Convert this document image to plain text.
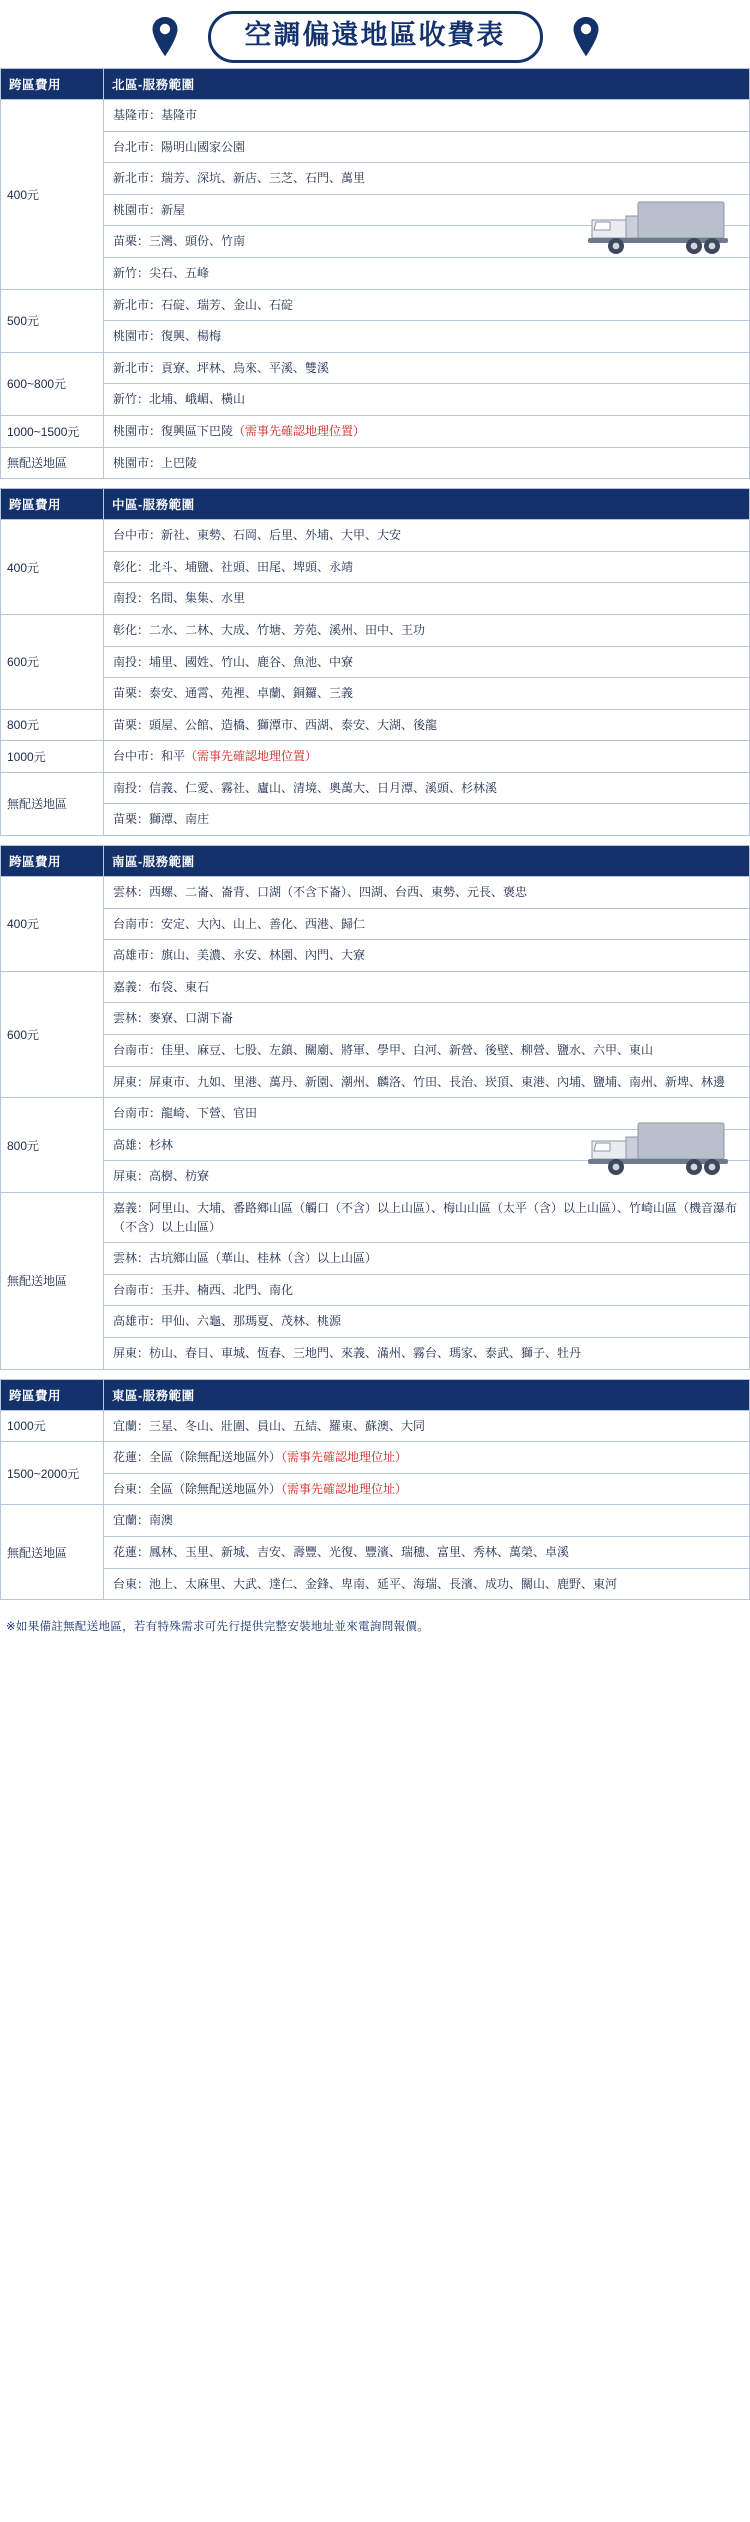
空調偏遠地區收費表
跨區費用	北區-服務範圍
400元	基隆市：基隆市
	台北市：陽明山國家公園
	新北市：瑞芳、深坑、新店、三芝、石門、萬里
	桃園市：新屋
	苗栗：三灣、頭份、竹南
	新竹：尖石、五峰
500元	新北市：石碇、瑞芳、金山、石碇
	桃園市：復興、楊梅
600~800元	新北市：貢寮、坪林、烏來、平溪、雙溪
	新竹：北埔、峨嵋、橫山
1000~1500元	桃園市：復興區下巴陵（需事先確認地理位置）
無配送地區	桃園市：上巴陵
跨區費用	中區-服務範圍
400元	台中市：新社、東勢、石岡、后里、外埔、大甲、大安
	彰化：北斗、埔鹽、社頭、田尾、埤頭、永靖
	南投：名間、集集、水里
600元	彰化：二水、二林、大成、竹塘、芳苑、溪州、田中、王功
	南投：埔里、國姓、竹山、鹿谷、魚池、中寮
	苗栗：泰安、通霄、苑裡、卓蘭、銅鑼、三義
800元	苗栗：頭屋、公館、造橋、獅潭市、西湖、泰安、大湖、後龍
1000元	台中市：和平（需事先確認地理位置）
無配送地區	南投：信義、仁愛、霧社、廬山、清境、奧萬大、日月潭、溪頭、杉林溪
	苗栗：獅潭、南庄
跨區費用	南區-服務範圍
400元	雲林：西螺、二崙、崙背、口湖（不含下崙）、四湖、台西、東勢、元長、褒忠
	台南市：安定、大內、山上、善化、西港、歸仁
	高雄市：旗山、美濃、永安、林園、內門、大寮
600元	嘉義：布袋、東石
	雲林：麥寮、口湖下崙
	台南市：佳里、麻豆、七股、左鎮、關廟、將軍、學甲、白河、新營、後壁、柳營、鹽水、六甲、東山
	屏東：屏東市、九如、里港、萬丹、新園、潮州、麟洛、竹田、長治、崁頂、東港、內埔、鹽埔、南州、新埤、林邊
800元	台南市：龍崎、下營、官田
	高雄：杉林
	屏東：高樹、枋寮
無配送地區	嘉義：阿里山、大埔、番路鄉山區（觸口（不含）以上山區）、梅山山區（太平（含）以上山區）、竹崎山區（機音瀑布（不含）以上山區）
	雲林：古坑鄉山區（華山、桂林（含）以上山區）
	台南市：玉井、楠西、北門、南化
	高雄市：甲仙、六龜、那瑪夏、茂林、桃源
	屏東：枋山、春日、車城、恆春、三地門、來義、滿州、霧台、瑪家、泰武、獅子、牡丹
跨區費用	東區-服務範圍
1000元	宜蘭：三星、冬山、壯圍、員山、五結、羅東、蘇澳、大同
1500~2000元	花蓮：全區（除無配送地區外）（需事先確認地理位址）
	台東：全區（除無配送地區外）（需事先確認地理位址）
無配送地區	宜蘭：南澳
	花蓮：鳳林、玉里、新城、吉安、壽豐、光復、豐濱、瑞穗、富里、秀林、萬榮、卓溪
	台東：池上、太麻里、大武、達仁、金鋒、卑南、延平、海瑞、長濱、成功、關山、鹿野、東河
※如果備註無配送地區，若有特殊需求可先行提供完整安裝地址並來電詢問報價。
